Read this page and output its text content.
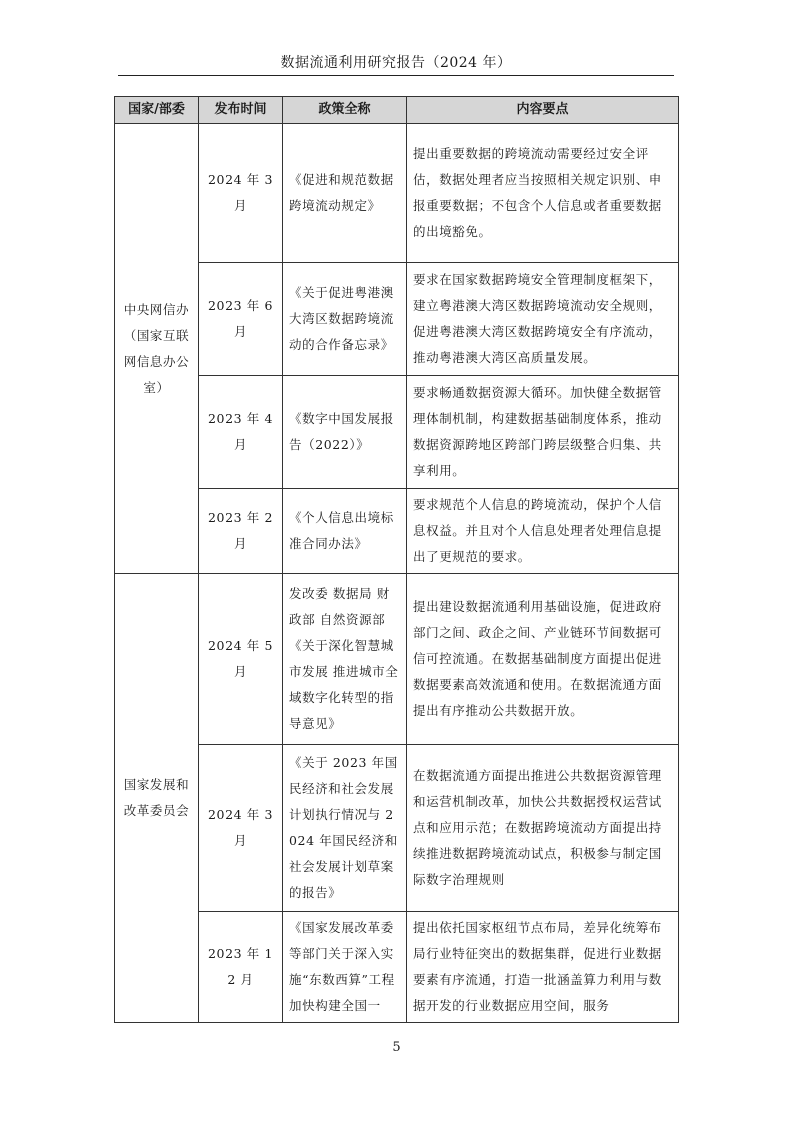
数据流通利用研究报告（2024 年）
国家/部委	发布时间	政策全称	内容要点
中央网信办（国家互联网信息办公室）	2024 年 3 月	《促进和规范数据跨境流动规定》	提出重要数据的跨境流动需要经过安全评估，数据处理者应当按照相关规定识别、申报重要数据；不包含个人信息或者重要数据的出境豁免。
	2023 年 6 月	《关于促进粤港澳大湾区数据跨境流动的合作备忘录》	要求在国家数据跨境安全管理制度框架下，建立粤港澳大湾区数据跨境流动安全规则，促进粤港澳大湾区数据跨境安全有序流动，推动粤港澳大湾区高质量发展。
	2023 年 4 月	《数字中国发展报告（2022）》	要求畅通数据资源大循环。加快健全数据管理体制机制，构建数据基础制度体系，推动数据资源跨地区跨部门跨层级整合归集、共享利用。
	2023 年 2 月	《个人信息出境标准合同办法》	要求规范个人信息的跨境流动，保护个人信息权益。并且对个人信息处理者处理信息提出了更规范的要求。
国家发展和改革委员会	2024 年 5 月	发改委 数据局 财政部 自然资源部《关于深化智慧城市发展 推进城市全域数字化转型的指导意见》	提出建设数据流通利用基础设施，促进政府部门之间、政企之间、产业链环节间数据可信可控流通。在数据基础制度方面提出促进数据要素高效流通和使用。在数据流通方面提出有序推动公共数据开放。
	2024 年 3 月	《关于 2023 年国民经济和社会发展计划执行情况与 2024 年国民经济和社会发展计划草案的报告》	在数据流通方面提出推进公共数据资源管理和运营机制改革，加快公共数据授权运营试点和应用示范；在数据跨境流动方面提出持续推进数据跨境流动试点，积极参与制定国际数字治理规则
	2023 年 12 月	《国家发展改革委等部门关于深入实施“东数西算”工程加快构建全国一	提出依托国家枢纽节点布局，差异化统筹布局行业特征突出的数据集群，促进行业数据要素有序流通，打造一批涵盖算力利用与数据开发的行业数据应用空间，服务
5
